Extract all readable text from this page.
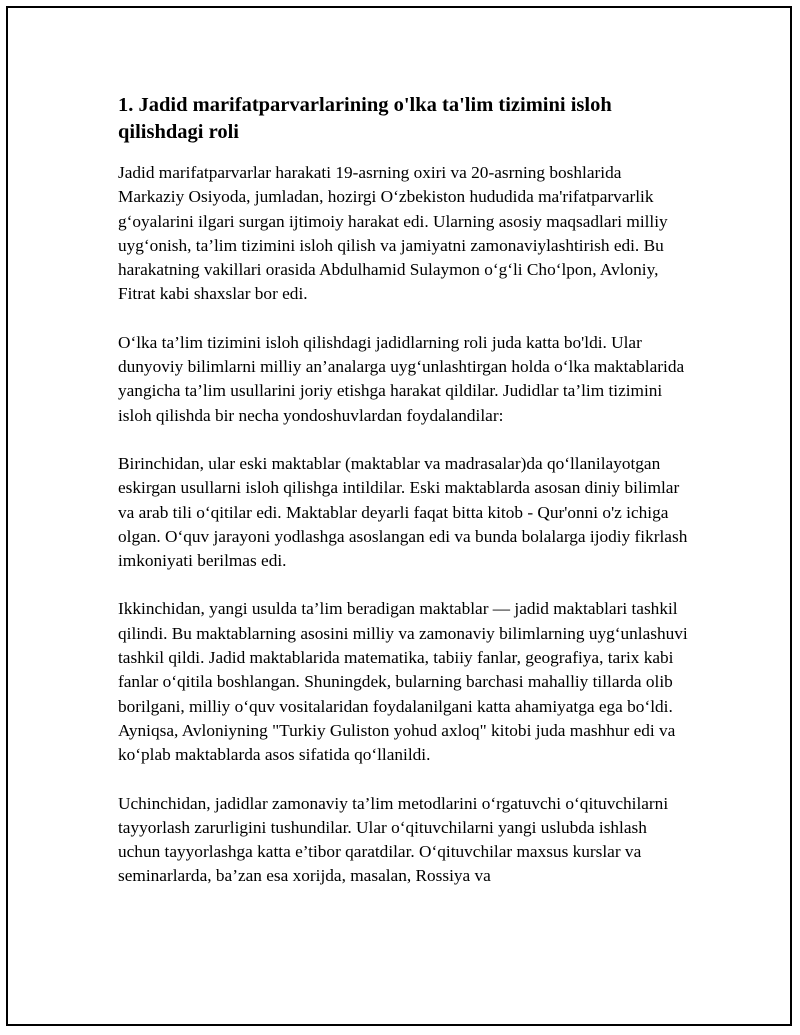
1. Jadid marifatparvarlarining o'lka ta'lim tizimini isloh qilishdagi roli

Jadid marifatparvarlar harakati 19-asrning oxiri va 20-asrning boshlarida Markaziy Osiyoda, jumladan, hozirgi O‘zbekiston hududida ma'rifatparvarlik g‘oyalarini ilgari surgan ijtimoiy harakat edi. Ularning asosiy maqsadlari milliy uyg‘onish, ta’lim tizimini isloh qilish va jamiyatni zamonaviylashtirish edi. Bu harakatning vakillari orasida Abdulhamid Sulaymon o‘g‘li Cho‘lpon, Avloniy, Fitrat kabi shaxslar bor edi.

O‘lka ta’lim tizimini isloh qilishdagi jadidlarning roli juda katta bo'ldi. Ular dunyoviy bilimlarni milliy an’analarga uyg‘unlashtirgan holda o‘lka maktablarida yangicha ta’lim usullarini joriy etishga harakat qildilar. Judidlar ta’lim tizimini isloh qilishda bir necha yondoshuvlardan foydalandilar:

Birinchidan, ular eski maktablar (maktablar va madrasalar)da qo‘llanilayotgan eskirgan usullarni isloh qilishga intildilar. Eski maktablarda asosan diniy bilimlar va arab tili o‘qitilar edi. Maktablar deyarli faqat bitta kitob - Qur'onni o'z ichiga olgan. O‘quv jarayoni yodlashga asoslangan edi va bunda bolalarga ijodiy fikrlash imkoniyati berilmas edi.

Ikkinchidan, yangi usulda ta’lim beradigan maktablar — jadid maktablari tashkil qilindi. Bu maktablarning asosini milliy va zamonaviy bilimlarning uyg‘unlashuvi tashkil qildi. Jadid maktablarida matematika, tabiiy fanlar, geografiya, tarix kabi fanlar o‘qitila boshlangan. Shuningdek, bularning barchasi mahalliy tillarda olib borilgani, milliy o‘quv vositalaridan foydalanilgani katta ahamiyatga ega bo‘ldi. Ayniqsa, Avloniyning "Turkiy Guliston yohud axloq" kitobi juda mashhur edi va ko‘plab maktablarda asos sifatida qo‘llanildi.

Uchinchidan, jadidlar zamonaviy ta’lim metodlarini o‘rgatuvchi o‘qituvchilarni tayyorlash zarurligini tushundilar. Ular o‘qituvchilarni yangi uslubda ishlash uchun tayyorlashga katta e’tibor qaratdilar. O‘qituvchilar maxsus kurslar va seminarlarda, ba’zan esa xorijda, masalan, Rossiya va
